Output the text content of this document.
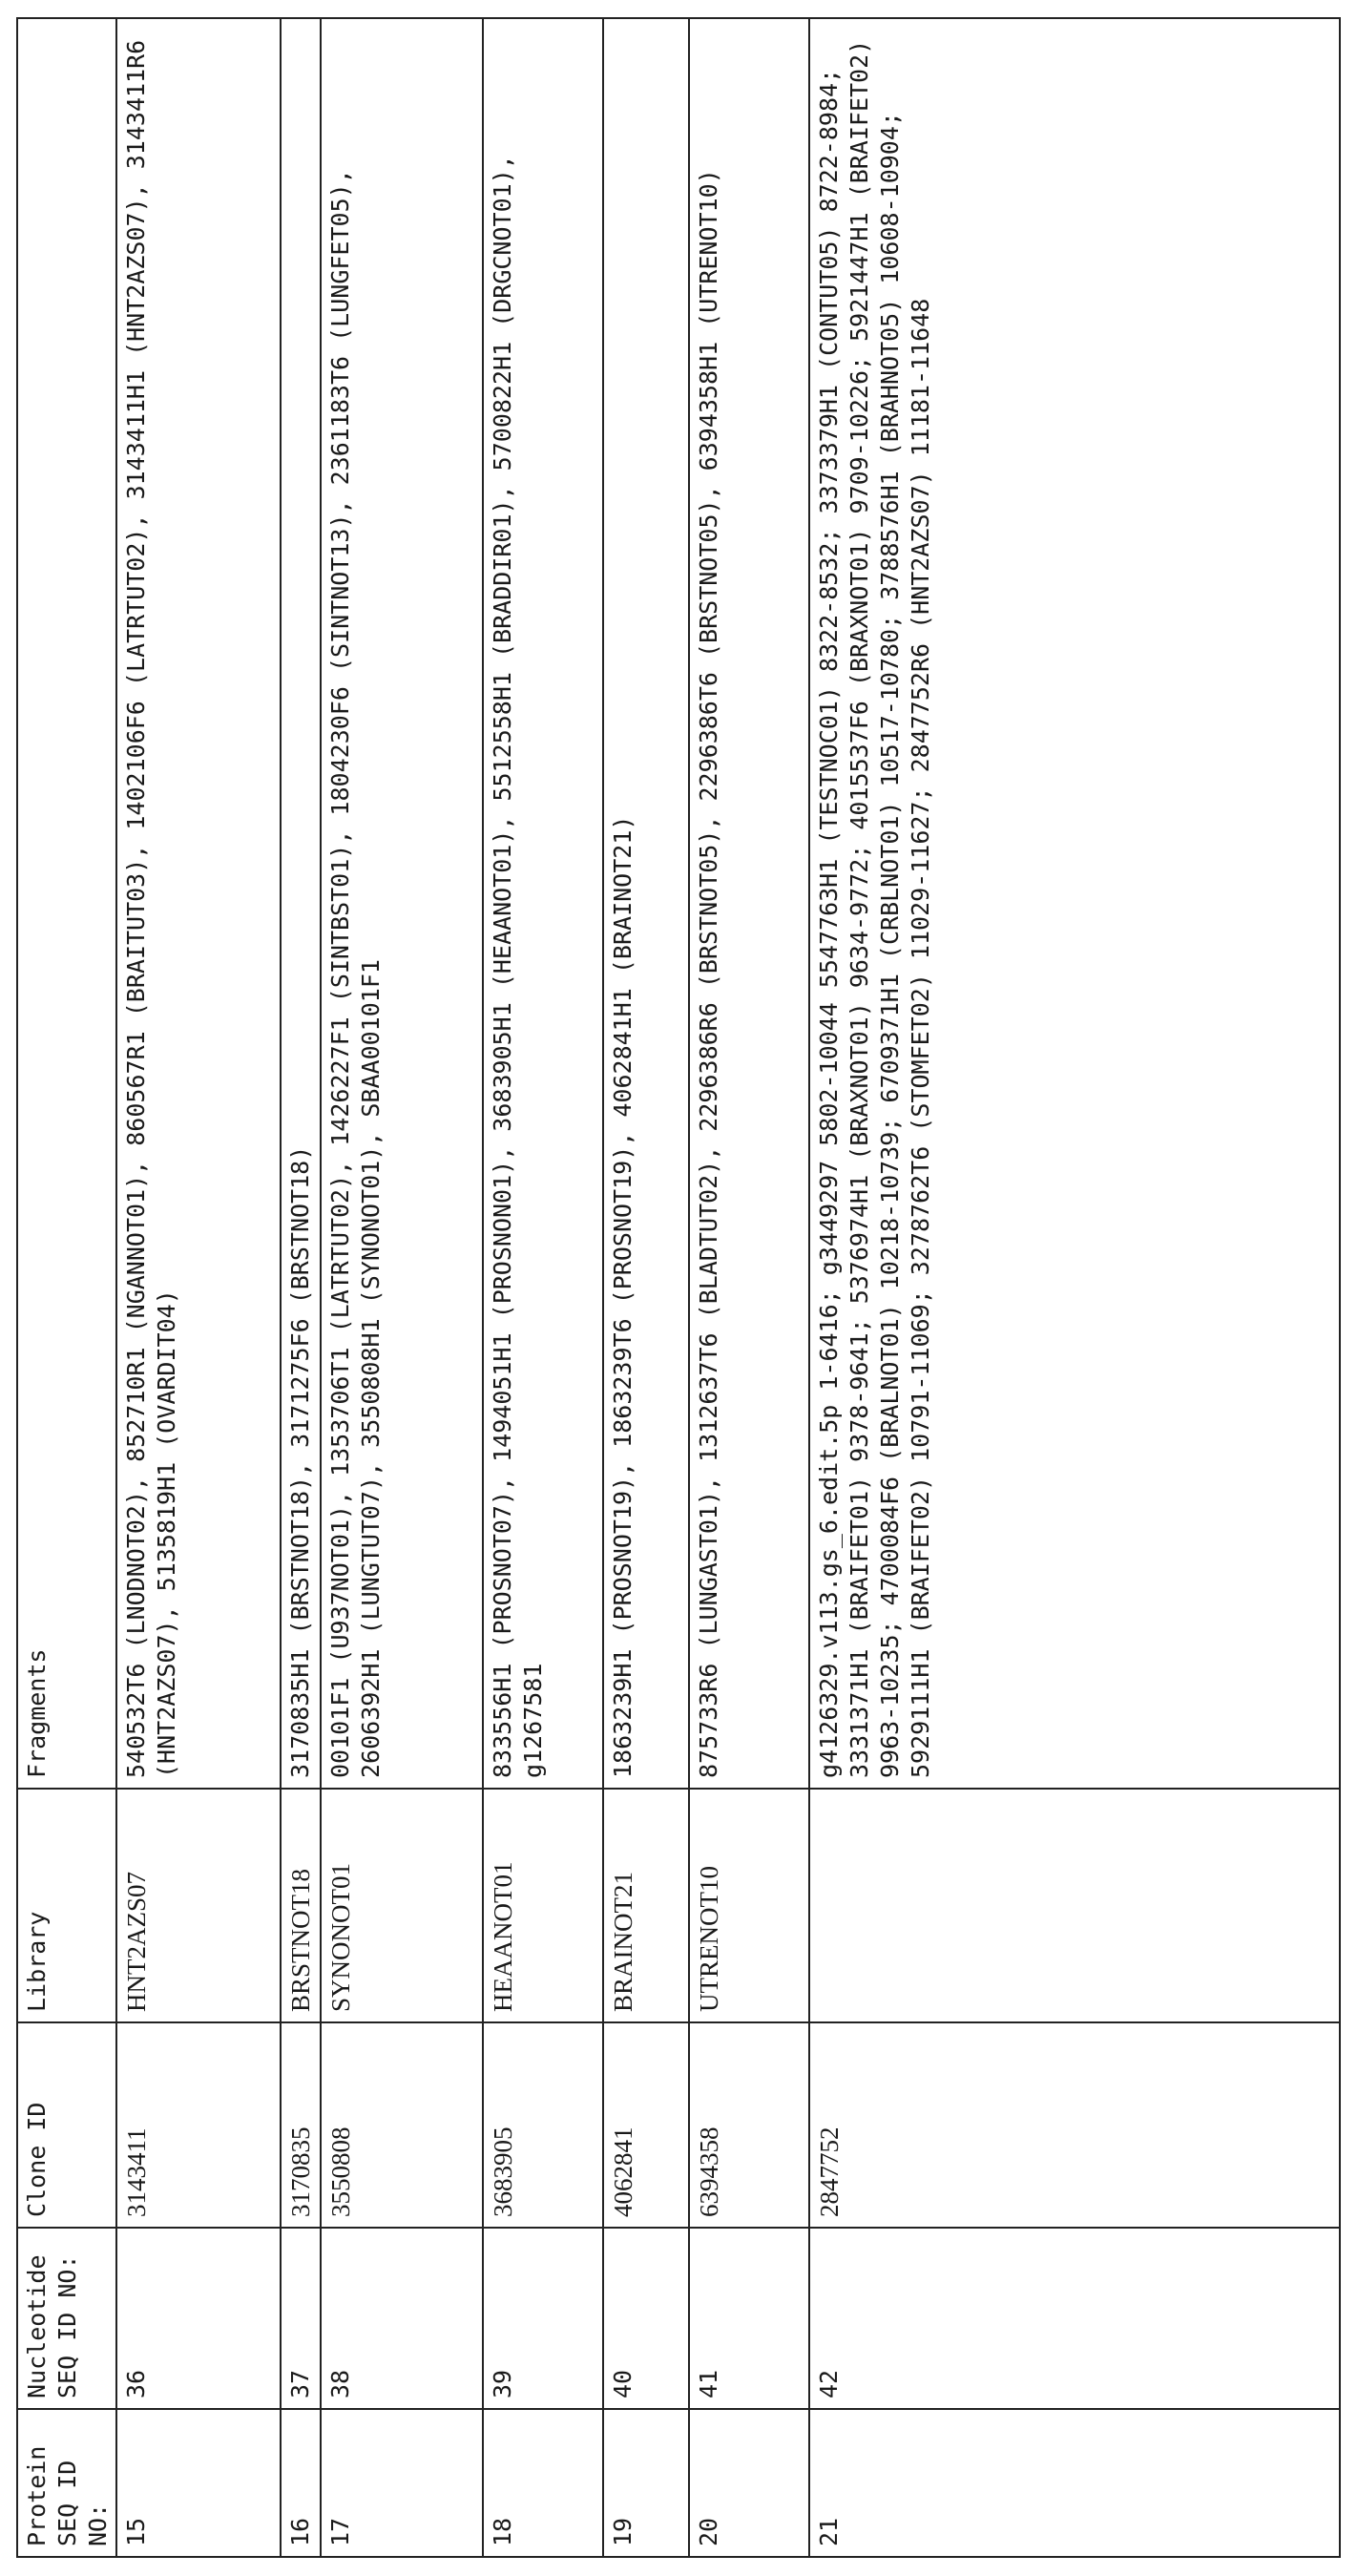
Protein
SEQ ID
NO:	Nucleotide
SEQ ID NO:	Clone ID	Library	Fragments
15	36	3143411	HNT2AZS07	540532T6 (LNODNOT02), 852710R1 (NGANNOT01), 860567R1 (BRAITUT03), 1402106F6 (LATRTUT02), 3143411H1 (HNT2AZS07), 3143411R6 (HNT2AZS07), 5135819H1 (OVARDIT04)
16	37	3170835	BRSTNOT18	3170835H1 (BRSTNOT18), 3171275F6 (BRSTNOT18)
17	38	3550808	SYNONOT01	00101F1 (U937NOT01), 1353706T1 (LATRTUT02), 1426227F1 (SINTBST01), 1804230F6 (SINTNOT13), 2361183T6 (LUNGFET05), 2606392H1 (LUNGTUT07), 3550808H1 (SYNONOT01), SBAA00101F1
18	39	3683905	HEAANOT01	833556H1 (PROSNOT07), 1494051H1 (PROSNON01), 3683905H1 (HEAANOT01), 5512558H1 (BRADDIR01), 5700822H1 (DRGCNOT01), g1267581
19	40	4062841	BRAINOT21	1863239H1 (PROSNOT19), 1863239T6 (PROSNOT19), 4062841H1 (BRAINOT21)
20	41	6394358	UTRENOT10	875733R6 (LUNGAST01), 1312637T6 (BLADTUT02), 2296386R6 (BRSTNOT05), 2296386T6 (BRSTNOT05), 6394358H1 (UTRENOT10)
21	42	2847752		g4126329.v113.gs_6.edit.5p 1-6416; g3449297 5802-10044 5547763H1 (TESTNOC01) 8322-8532; 3373379H1 (CONTUT05) 8722-8984; 3331371H1 (BRAIFET01) 9378-9641; 5376974H1 (BRAXNOT01) 9634-9772; 4015537F6 (BRAXNOT01) 9709-10226; 5921447H1 (BRAIFET02) 9963-10235; 4700084F6 (BRALNOT01) 10218-10739; 6709371H1 (CRBLNOT01) 10517-10780; 3788576H1 (BRAHNOT05) 10608-10904; 5929111H1 (BRAIFET02) 10791-11069; 3278762T6 (STOMFET02) 11029-11627; 2847752R6 (HNT2AZS07) 11181-11648
